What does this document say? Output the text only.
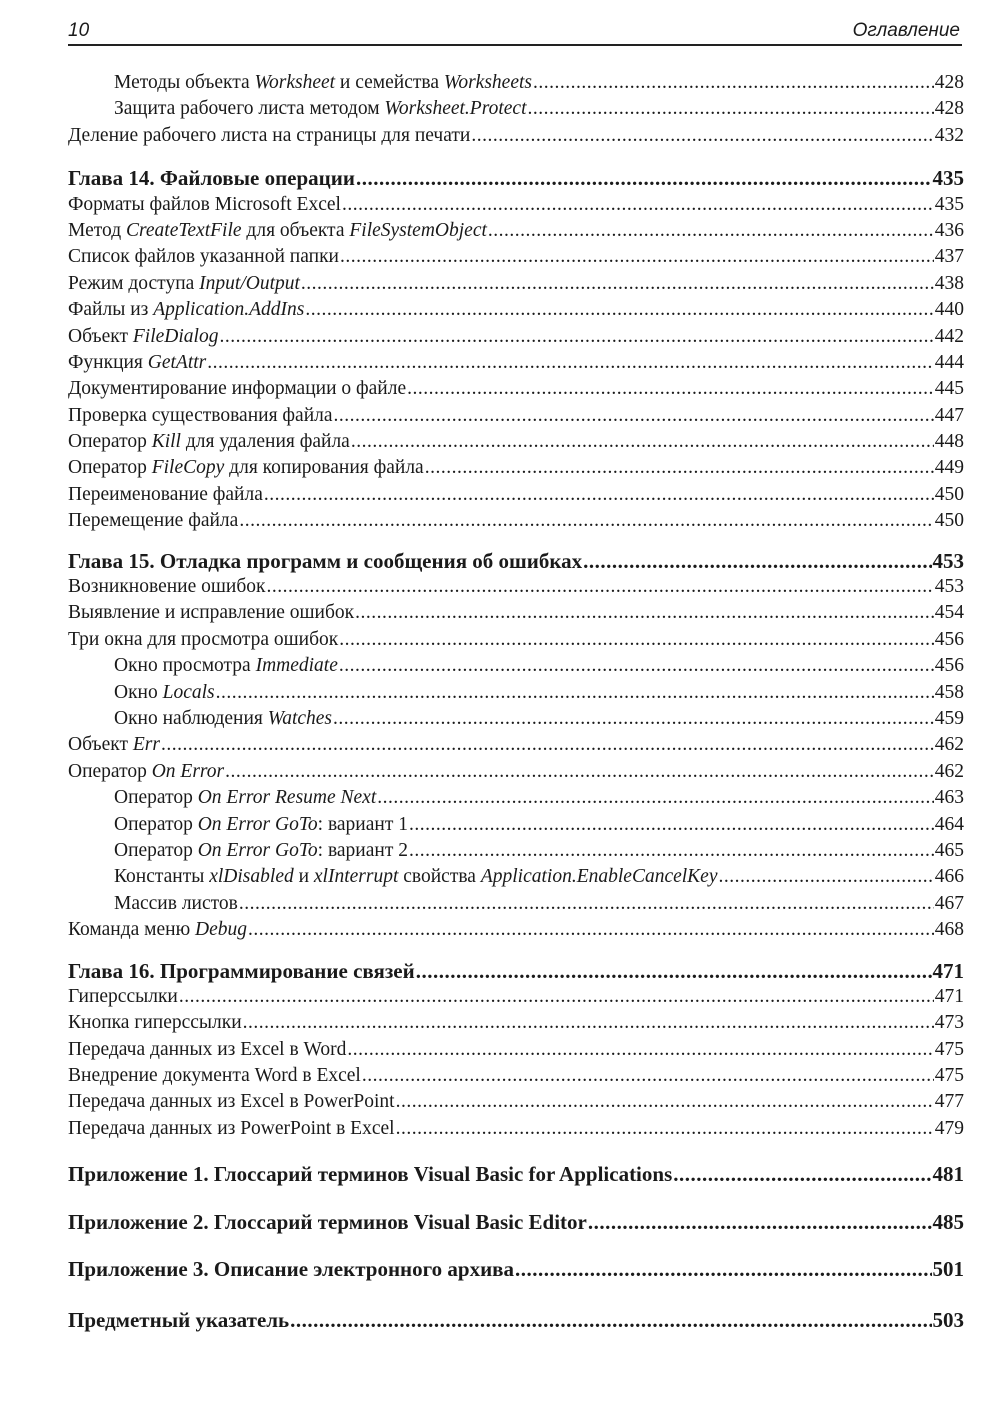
10	Оглавление
Методы объекта Worksheet и семейства Worksheets .....	428
Защита рабочего листа методом Worksheet.Protect .....	428
Деление рабочего листа на страницы для печати .....	432
Глава 14. Файловые операции .....	435
Форматы файлов Microsoft Excel .....	435
Метод CreateTextFile для объекта FileSystemObject .....	436
Список файлов указанной папки .....	437
Режим доступа Input/Output .....	438
Файлы из Application.AddIns .....	440
Объект FileDialog .....	442
Функция GetAttr .....	444
Документирование информации о файле .....	445
Проверка существования файла .....	447
Оператор Kill для удаления файла .....	448
Оператор FileCopy для копирования файла .....	449
Переименование файла .....	450
Перемещение файла .....	450
Глава 15. Отладка программ и сообщения об ошибках .....	453
Возникновение ошибок .....	453
Выявление и исправление ошибок .....	454
Три окна для просмотра ошибок .....	456
Окно просмотра Immediate .....	456
Окно Locals .....	458
Окно наблюдения Watches .....	459
Объект Err .....	462
Оператор On Error .....	462
Оператор On Error Resume Next .....	463
Оператор On Error GoTo: вариант 1 .....	464
Оператор On Error GoTo: вариант 2 .....	465
Константы xlDisabled и xlInterrupt свойства Application.EnableCancelKey .....	466
Массив листов .....	467
Команда меню Debug .....	468
Глава 16. Программирование связей .....	471
Гиперссылки .....	471
Кнопка гиперссылки .....	473
Передача данных из Excel в Word .....	475
Внедрение документа Word в Excel .....	475
Передача данных из Excel в PowerPoint .....	477
Передача данных из PowerPoint в Excel .....	479
Приложение 1. Глоссарий терминов Visual Basic for Applications .....	481
Приложение 2. Глоссарий терминов Visual Basic Editor .....	485
Приложение 3. Описание электронного архива .....	501
Предметный указатель .....	503
